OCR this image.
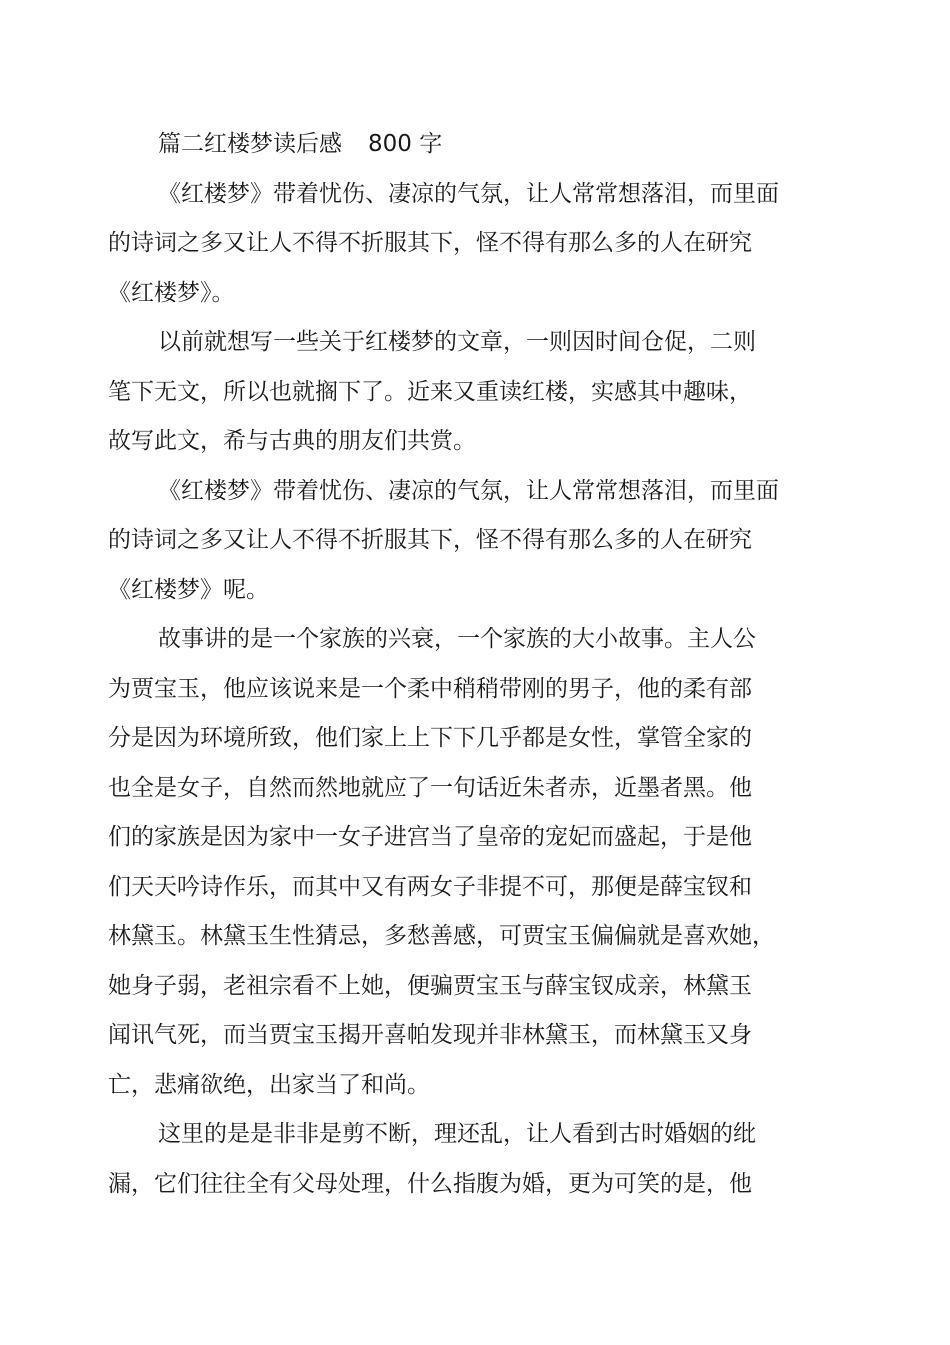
篇二红楼梦读后感 800 字

《红楼梦》带着忧伤、凄凉的气氛，让人常常想落泪，而里面
的诗词之多又让人不得不折服其下，怪不得有那么多的人在研究
《红楼梦》。

以前就想写一些关于红楼梦的文章，一则因时间仓促，二则
笔下无文，所以也就搁下了。近来又重读红楼，实感其中趣味，
故写此文，希与古典的朋友们共赏。

《红楼梦》带着忧伤、凄凉的气氛，让人常常想落泪，而里面
的诗词之多又让人不得不折服其下，怪不得有那么多的人在研究
《红楼梦》呢。

故事讲的是一个家族的兴衰，一个家族的大小故事。主人公
为贾宝玉，他应该说来是一个柔中稍稍带刚的男子，他的柔有部
分是因为环境所致，他们家上上下下几乎都是女性，掌管全家的
也全是女子，自然而然地就应了一句话近朱者赤，近墨者黑。他
们的家族是因为家中一女子进宫当了皇帝的宠妃而盛起，于是他
们天天吟诗作乐，而其中又有两女子非提不可，那便是薛宝钗和
林黛玉。林黛玉生性猜忌，多愁善感，可贾宝玉偏偏就是喜欢她，
她身子弱，老祖宗看不上她，便骗贾宝玉与薛宝钗成亲，林黛玉
闻讯气死，而当贾宝玉揭开喜帕发现并非林黛玉，而林黛玉又身
亡，悲痛欲绝，出家当了和尚。

这里的是是非非是剪不断，理还乱，让人看到古时婚姻的纰
漏，它们往往全有父母处理，什么指腹为婚，更为可笑的是，他
